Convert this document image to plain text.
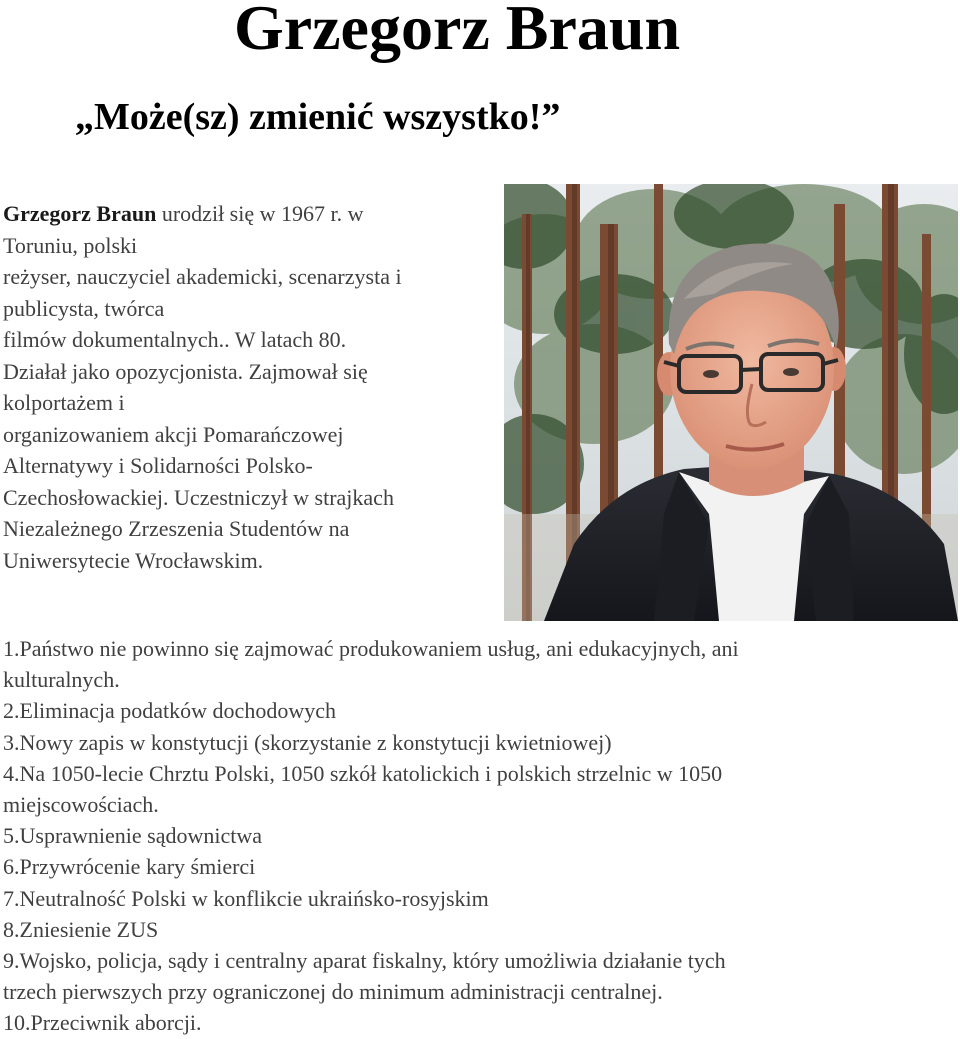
Grzegorz Braun

„Może(sz) zmienić wszystko!”

Grzegorz Braun urodził się w 1967 r. w
Toruniu, polski
reżyser, nauczyciel akademicki, scenarzysta i
publicysta, twórca
filmów dokumentalnych.. W latach 80.
Działał jako opozycjonista. Zajmował się
kolportażem i
organizowaniem akcji Pomarańczowej
Alternatywy i Solidarności Polsko-
Czechosłowackiej. Uczestniczył w strajkach
Niezależnego Zrzeszenia Studentów na
Uniwersytecie Wrocławskim.
1.Państwo nie powinno się zajmować produkowaniem usług, ani edukacyjnych, ani
kulturalnych.
2.Eliminacja podatków dochodowych
3.Nowy zapis w konstytucji (skorzystanie z konstytucji kwietniowej)
4.Na 1050-lecie Chrztu Polski, 1050 szkół katolickich i polskich strzelnic w 1050
miejscowościach.
5.Usprawnienie sądownictwa
6.Przywrócenie kary śmierci
7.Neutralność Polski w konflikcie ukraińsko-rosyjskim
8.Zniesienie ZUS
9.Wojsko, policja, sądy i centralny aparat fiskalny, który umożliwia działanie tych
trzech pierwszych przy ograniczonej do minimum administracji centralnej.
10.Przeciwnik aborcji.
